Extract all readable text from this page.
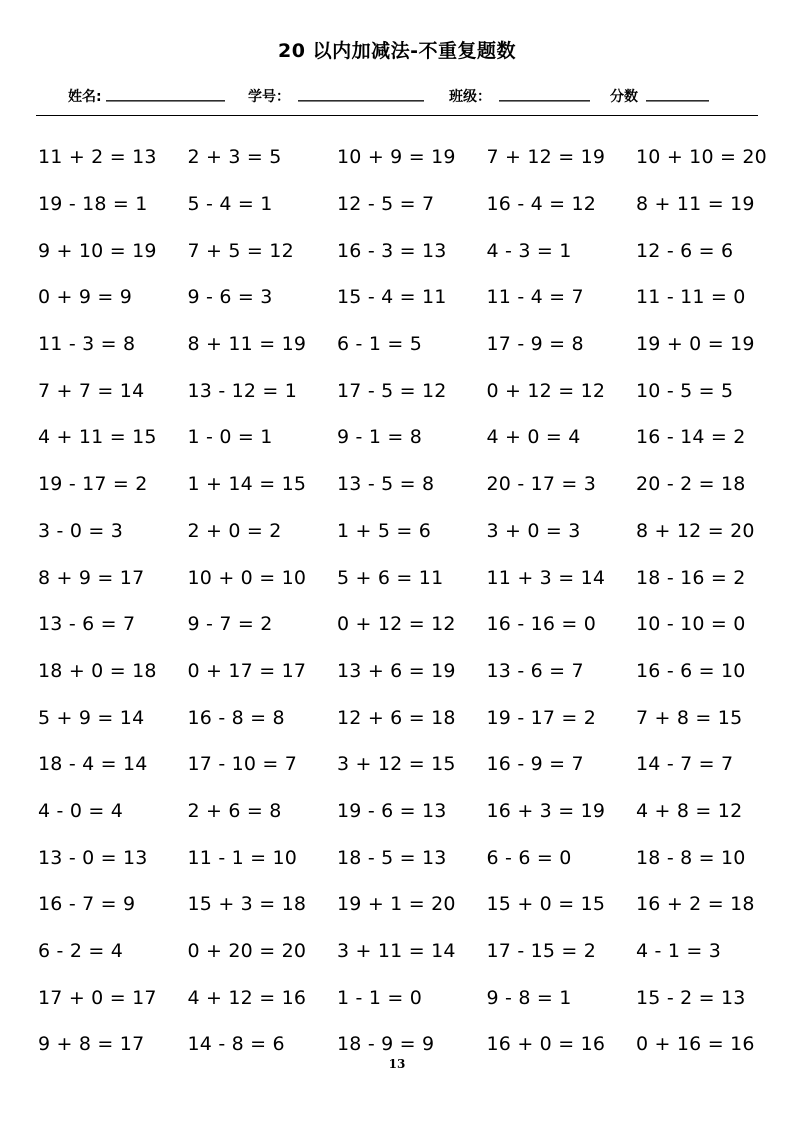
20 以内加减法-不重复题数
姓名: _________________ 学号： __________________ 班级： _____________ 分数 _________
11 + 2 = 13	2 + 3 = 5	10 + 9 = 19	7 + 12 = 19	10 + 10 = 20
19 - 18 = 1	5 - 4 = 1	12 - 5 = 7	16 - 4 = 12	8 + 11 = 19
9 + 10 = 19	7 + 5 = 12	16 - 3 = 13	4 - 3 = 1	12 - 6 = 6
0 + 9 = 9	9 - 6 = 3	15 - 4 = 11	11 - 4 = 7	11 - 11 = 0
11 - 3 = 8	8 + 11 = 19	6 - 1 = 5	17 - 9 = 8	19 + 0 = 19
7 + 7 = 14	13 - 12 = 1	17 - 5 = 12	0 + 12 = 12	10 - 5 = 5
4 + 11 = 15	1 - 0 = 1	9 - 1 = 8	4 + 0 = 4	16 - 14 = 2
19 - 17 = 2	1 + 14 = 15	13 - 5 = 8	20 - 17 = 3	20 - 2 = 18
3 - 0 = 3	2 + 0 = 2	1 + 5 = 6	3 + 0 = 3	8 + 12 = 20
8 + 9 = 17	10 + 0 = 10	5 + 6 = 11	11 + 3 = 14	18 - 16 = 2
13 - 6 = 7	9 - 7 = 2	0 + 12 = 12	16 - 16 = 0	10 - 10 = 0
18 + 0 = 18	0 + 17 = 17	13 + 6 = 19	13 - 6 = 7	16 - 6 = 10
5 + 9 = 14	16 - 8 = 8	12 + 6 = 18	19 - 17 = 2	7 + 8 = 15
18 - 4 = 14	17 - 10 = 7	3 + 12 = 15	16 - 9 = 7	14 - 7 = 7
4 - 0 = 4	2 + 6 = 8	19 - 6 = 13	16 + 3 = 19	4 + 8 = 12
13 - 0 = 13	11 - 1 = 10	18 - 5 = 13	6 - 6 = 0	18 - 8 = 10
16 - 7 = 9	15 + 3 = 18	19 + 1 = 20	15 + 0 = 15	16 + 2 = 18
6 - 2 = 4	0 + 20 = 20	3 + 11 = 14	17 - 15 = 2	4 - 1 = 3
17 + 0 = 17	4 + 12 = 16	1 - 1 = 0	9 - 8 = 1	15 - 2 = 13
9 + 8 = 17	14 - 8 = 6	18 - 9 = 9	16 + 0 = 16	0 + 16 = 16
13
